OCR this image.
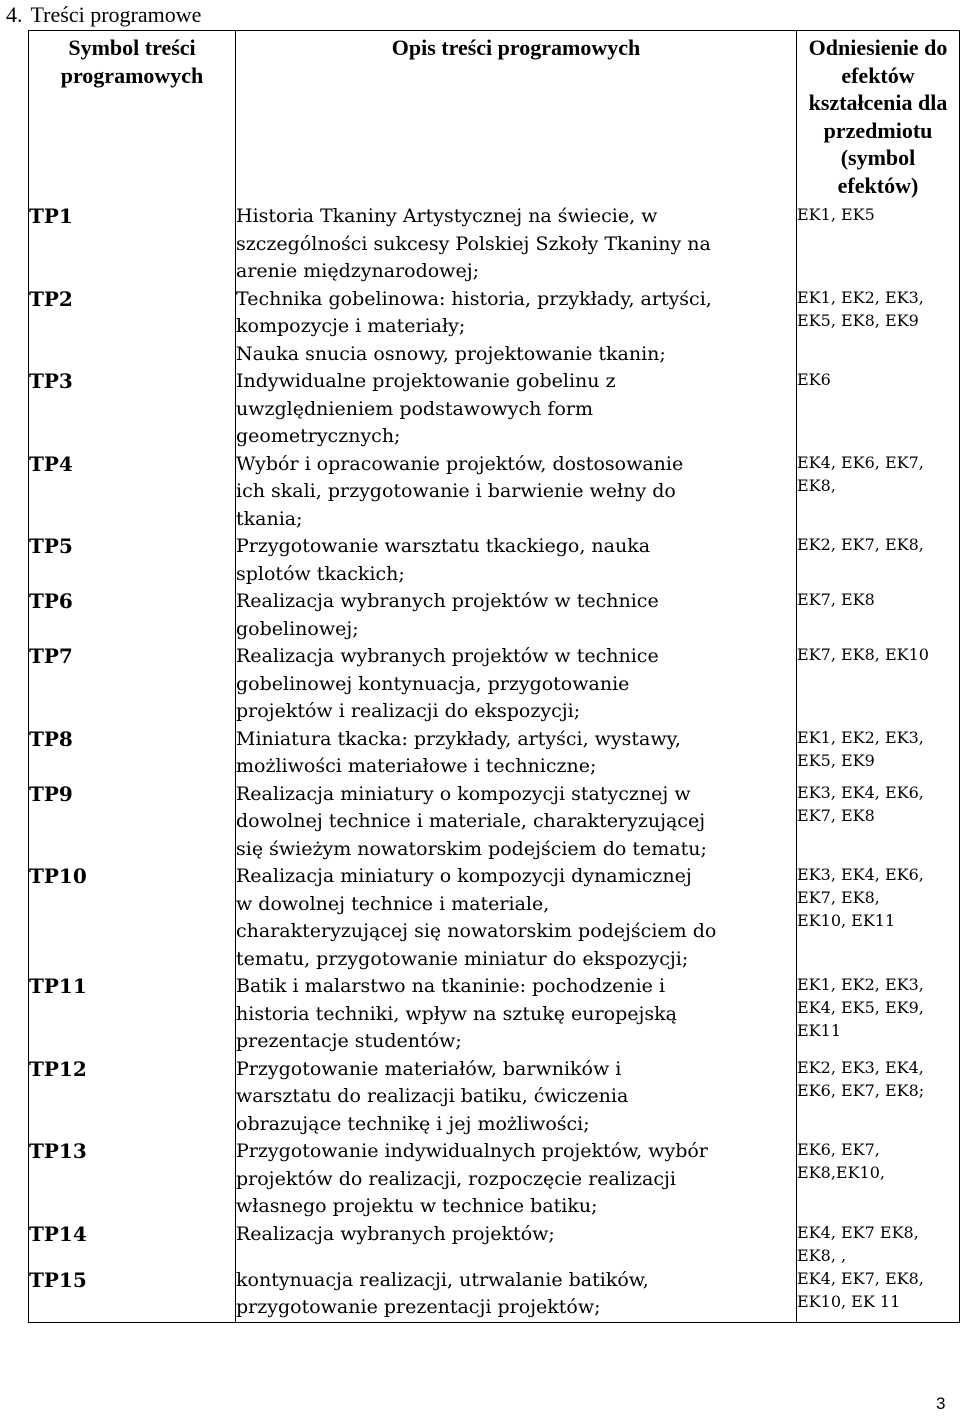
4. Treści programowe
Symbol treści programowych	Opis treści programowych	Odniesienie do efektów kształcenia dla przedmiotu (symbol efektów)
TP1	Historia Tkaniny Artystycznej na świecie, w
szczególności sukcesy Polskiej Szkoły Tkaniny na
arenie międzynarodowej;	EK1, EK5

TP2	Technika gobelinowa: historia, przykłady, artyści,
kompozycje i materiały;
Nauka snucia osnowy, projektowanie tkanin;	EK1, EK2, EK3,
EK5, EK8, EK9

TP3	Indywidualne projektowanie gobelinu z
uwzględnieniem podstawowych form
geometrycznych;	EK6

TP4	Wybór i opracowanie projektów, dostosowanie
ich skali, przygotowanie i barwienie wełny do
tkania;	EK4, EK6, EK7,
EK8,

TP5	Przygotowanie warsztatu tkackiego, nauka
splotów tkackich;	EK2, EK7, EK8,

TP6	Realizacja wybranych projektów w technice
gobelinowej;	EK7, EK8

TP7	Realizacja wybranych projektów w technice
gobelinowej kontynuacja, przygotowanie
projektów i realizacji do ekspozycji;	EK7, EK8, EK10

TP8	Miniatura tkacka: przykłady, artyści, wystawy,
możliwości materiałowe i techniczne;	EK1, EK2, EK3,
EK5, EK9

TP9	Realizacja miniatury o kompozycji statycznej w
dowolnej technice i materiale, charakteryzującej
się świeżym nowatorskim podejściem do tematu;	EK3, EK4, EK6,
EK7, EK8

TP10	Realizacja miniatury o kompozycji dynamicznej
w dowolnej technice i materiale,
charakteryzującej się nowatorskim podejściem do
tematu, przygotowanie miniatur do ekspozycji;	EK3, EK4, EK6,
EK7, EK8,
EK10, EK11

TP11	Batik i malarstwo na tkaninie: pochodzenie i
historia techniki, wpływ na sztukę europejską
prezentacje studentów;	EK1, EK2, EK3,
EK4, EK5, EK9,
EK11

TP12	Przygotowanie materiałów, barwników i
warsztatu do realizacji batiku, ćwiczenia
obrazujące technikę i jej możliwości;	EK2, EK3, EK4,
EK6, EK7, EK8;

TP13	Przygotowanie indywidualnych projektów, wybór
projektów do realizacji, rozpoczęcie realizacji
własnego projektu w technice batiku;	EK6, EK7,
EK8,EK10,

TP14	Realizacja wybranych projektów;	EK4, EK7 EK8,
EK8, ,

TP15	kontynuacja realizacji, utrwalanie batików,
przygotowanie prezentacji projektów;	EK4, EK7, EK8,
EK10, EK 11
3
